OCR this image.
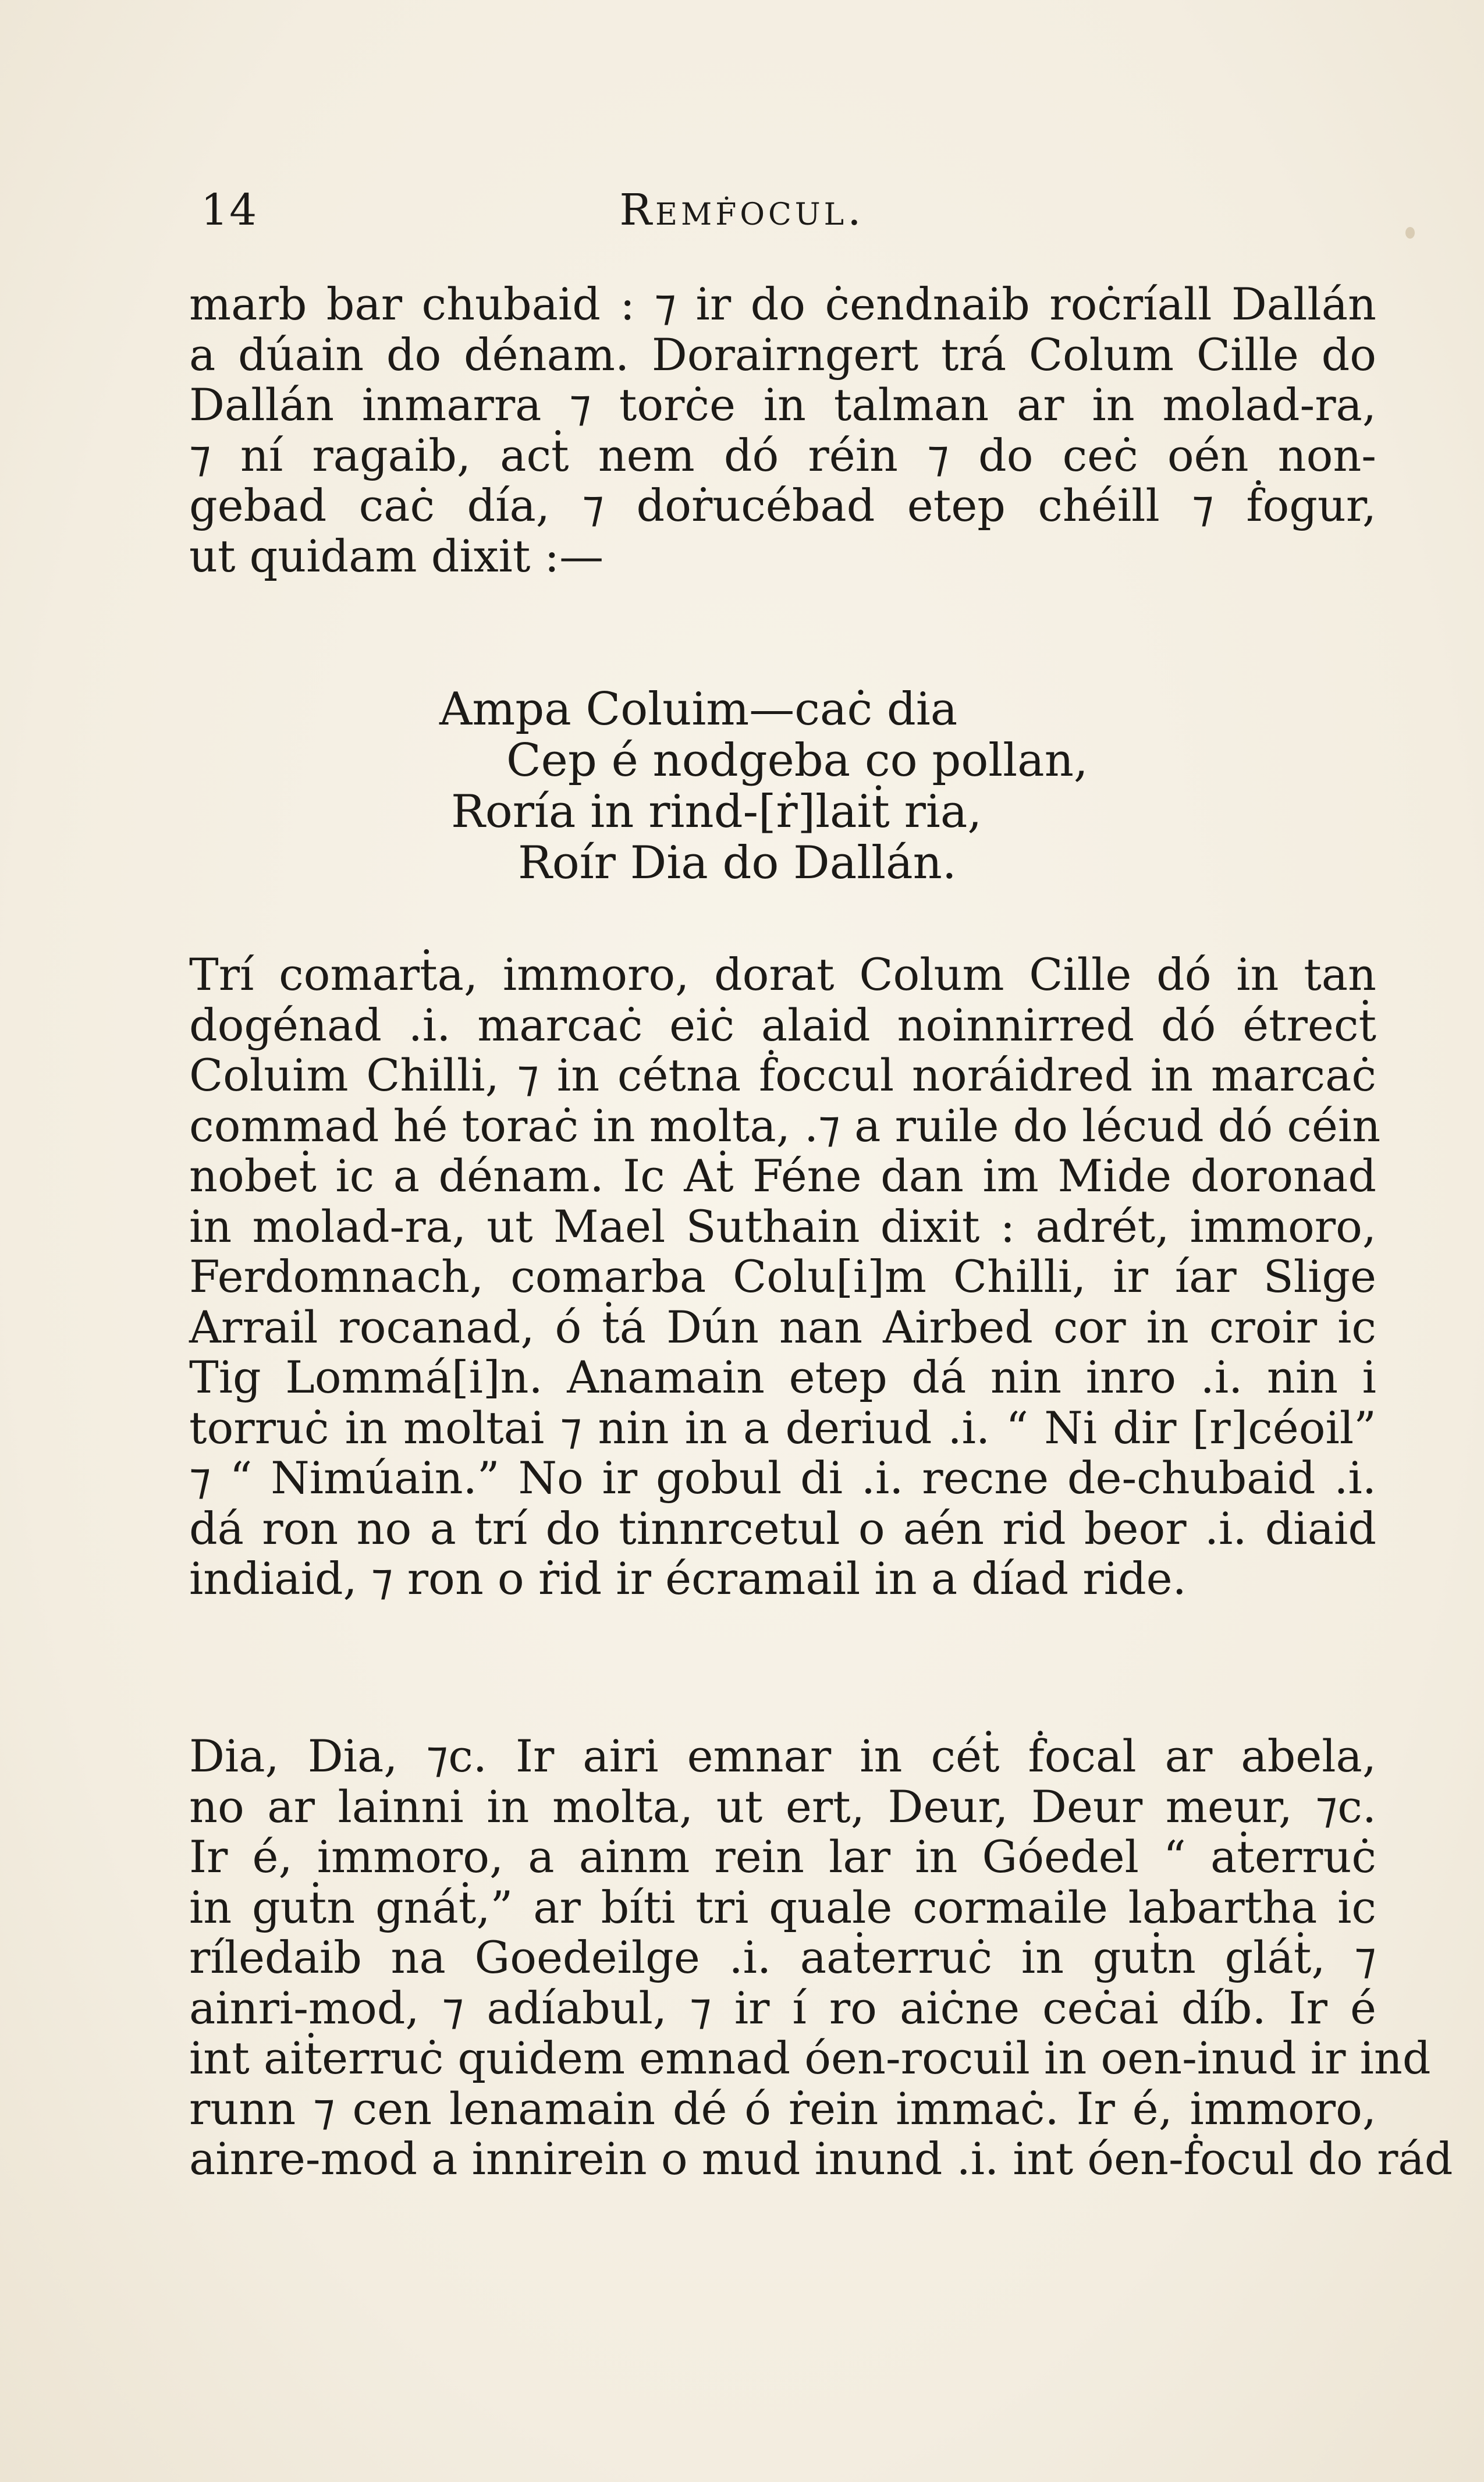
14	Remḟocul.
marb bar chubaid : ⁊ ir do ċendnaib roċríall Dallán
a dúain do dénam. Dorairngert trá Colum Cille do
Dallán inmarra ⁊ torċe in talman ar in molad-ra,
⁊ ní ragaib, acṫ nem dó réin ⁊ do ceċ oén non-
gebad caċ día, ⁊ doṙucébad etep chéill ⁊ ḟogur,
ut quidam dixit :—
Ampa Coluim—caċ dia
Cep é nodgeba co pollan,
Roría in rind-[ṙ]laiṫ ria,
Roír Dia do Dallán.
Trí comarṫa, immoro, dorat Colum Cille dó in tan
dogénad .i. marcaċ eiċ alaid noinnirred dó étrecṫ
Coluim Chilli, ⁊ in cétna ḟoccul noráidred in marcaċ
commad hé toraċ in molta, .⁊ a ruile do lécud dó céin
nobeṫ ic a dénam. Ic Aṫ Féne dan im Mide doronad
in molad-ra, ut Mael Suthain dixit : adrét, immoro,
Ferdomnach, comarba Colu[i]m Chilli, ir íar Slige
Arrail rocanad, ó ṫá Dún nan Airbed cor in croir ic
Tig Lommá[i]n. Anamain etep dá nin inro .i. nin i
torruċ in moltai ⁊ nin in a deriud .i. “ Ni dir [r]céoil”
⁊ “ Nimúain.” No ir gobul di .i. recne de-chubaid .i.
dá ron no a trí do tinnrcetul o aén rid beor .i. diaid
indiaid, ⁊ ron o ṙid ir écramail in a díad ride.
Dia, Dia, ⁊c. Ir airi emnar in céṫ ḟocal ar abela,
no ar lainni in molta, ut ert, Deur, Deur meur, ⁊c.
Ir é, immoro, a ainm rein lar in Góedel “ aṫerruċ
in guṫn gnáṫ,” ar bíti tri quale cormaile labartha ic
ríledaib na Goedeilge .i. aaṫerruċ in guṫn gláṫ, ⁊
ainri-mod, ⁊ adíabul, ⁊ ir í ro aiċne ceċai díb. Ir é
int aiṫerruċ quidem emnad óen-rocuil in oen-inud ir ind
runn ⁊ cen lenamain dé ó ṙein immaċ. Ir é, immoro,
ainre-mod a innirein o mud inund .i. int óen-ḟocul do rád
